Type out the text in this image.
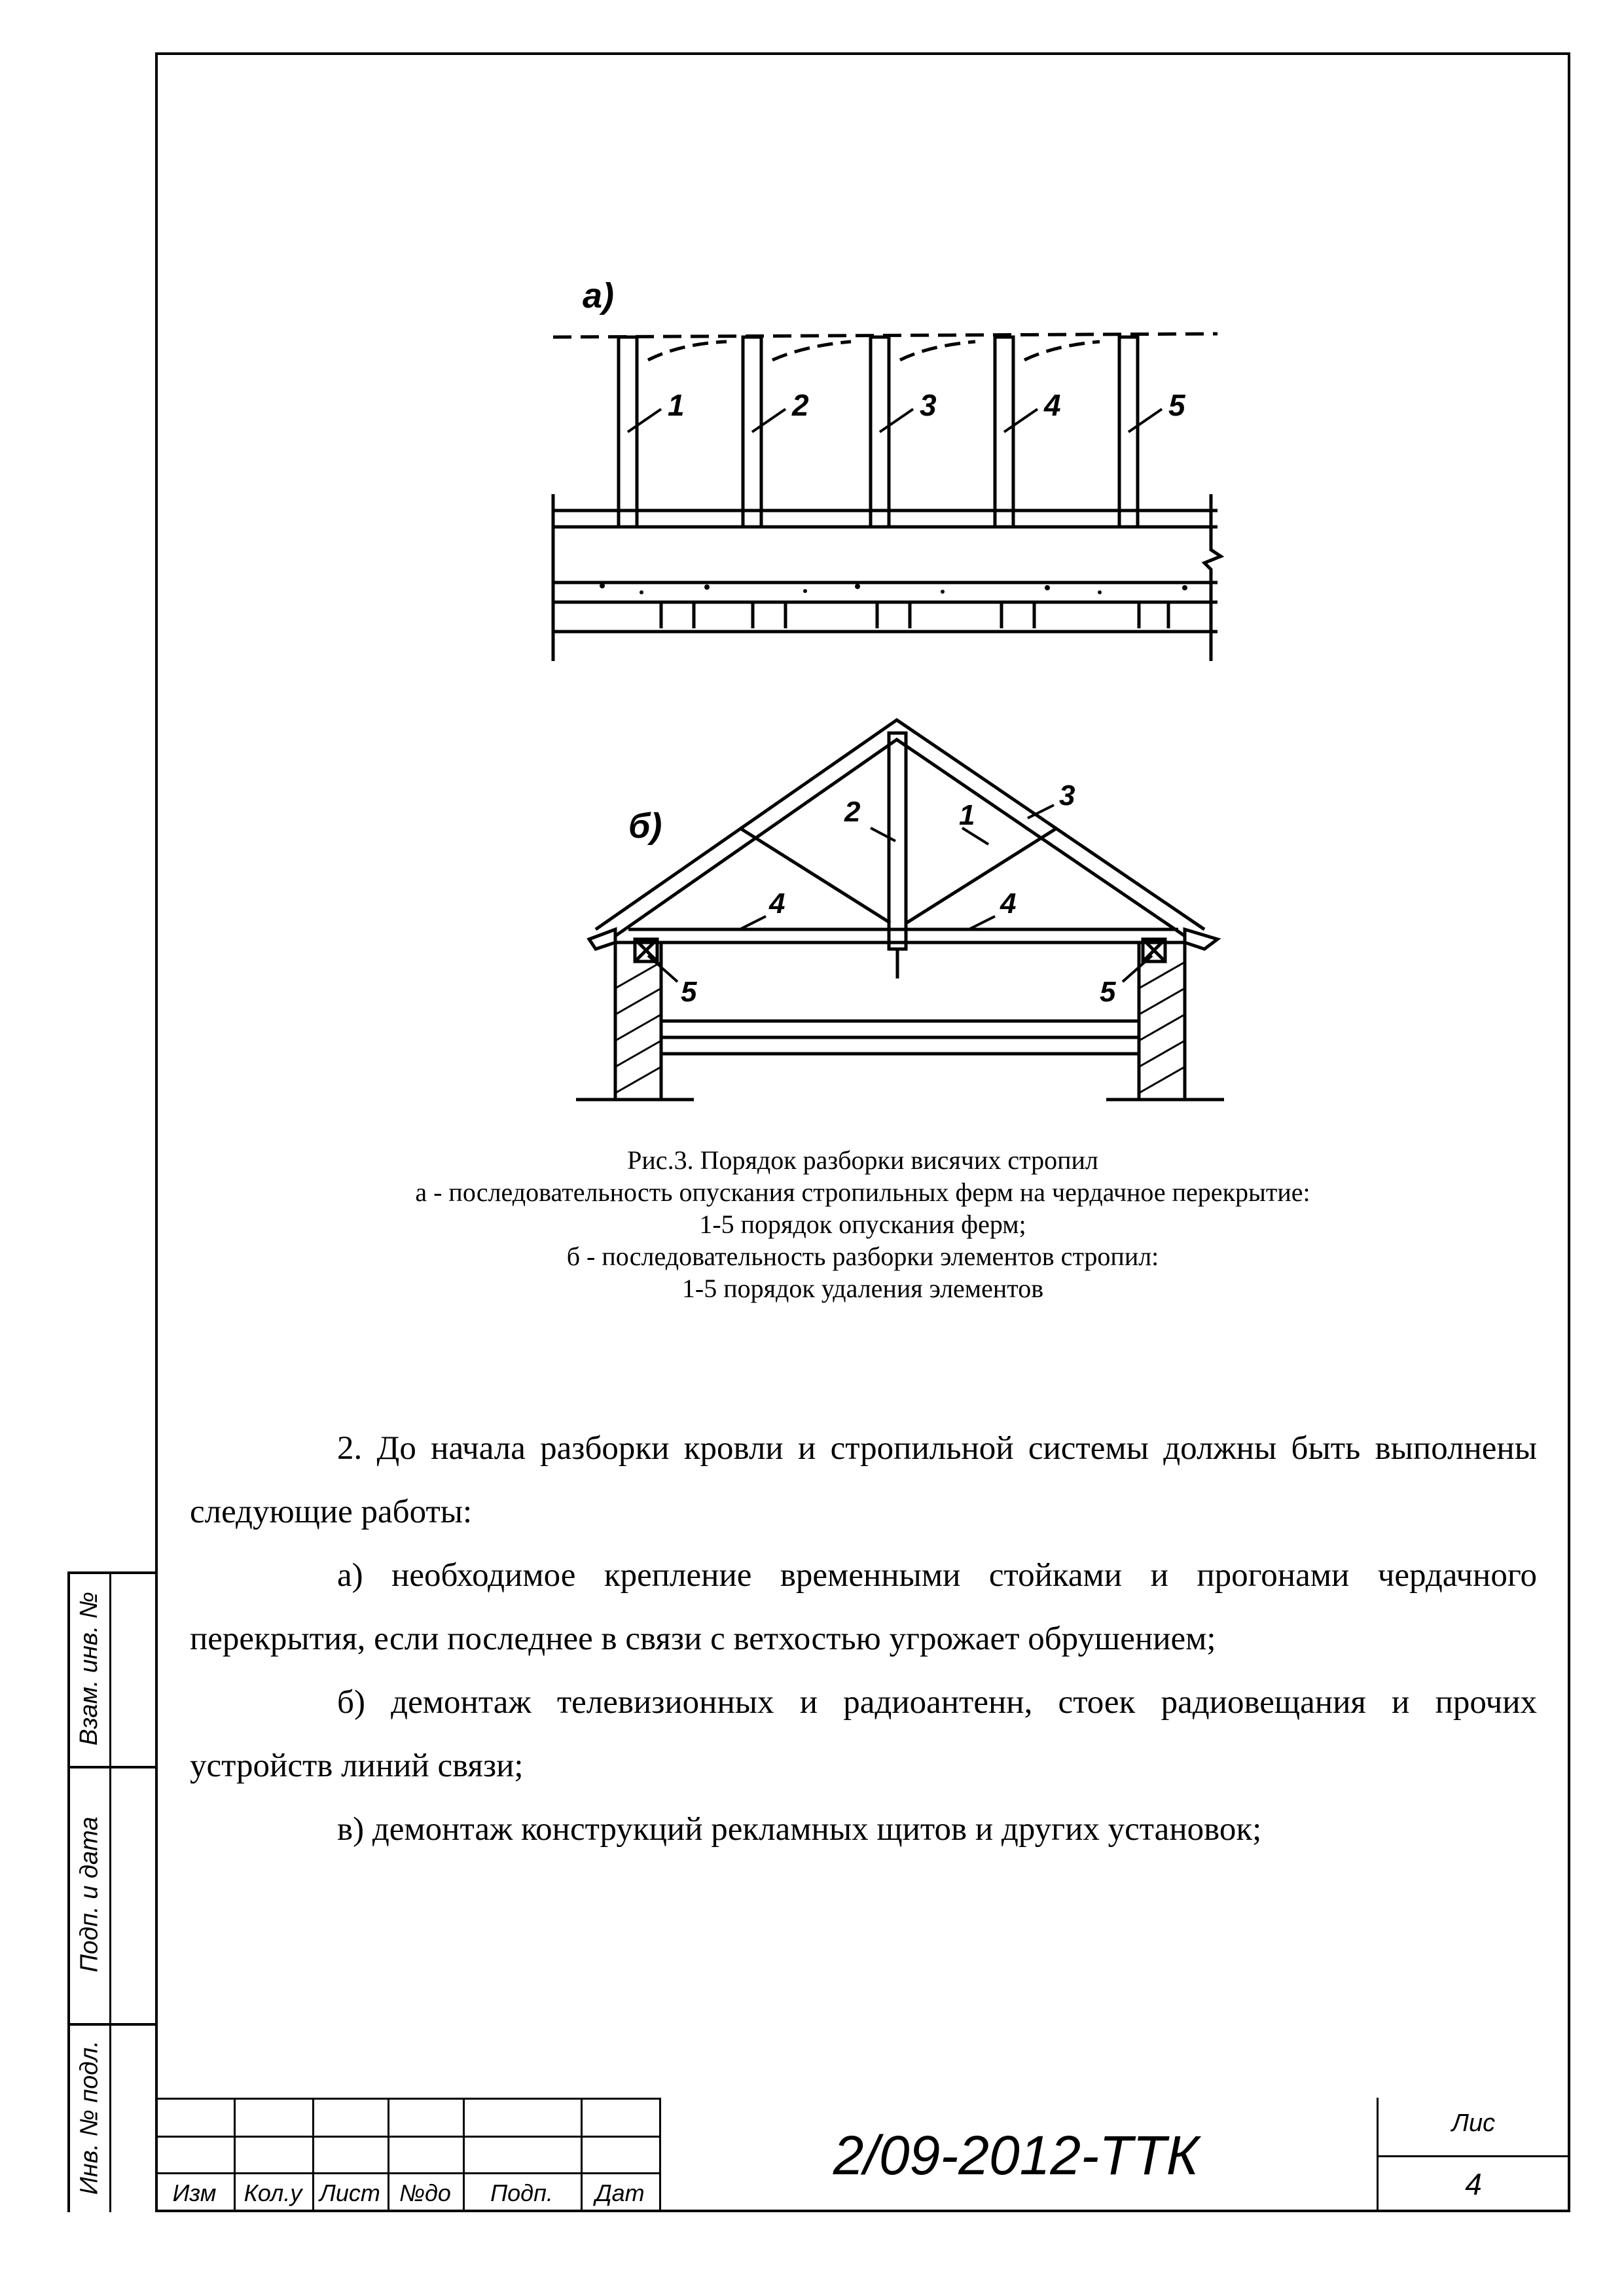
Взам. инв. №
Подп. и дата
Инв. № подл.
а)
1	2	3	4	5
б)	1
2
3
4	4
5	5
Рис.3. Порядок разборки висячих стропил
а - последовательность опускания стропильных ферм на чердачное перекрытие:
1-5 порядок опускания ферм;
б - последовательность разборки элементов стропил:
1-5 порядок удаления элементов

2. До начала разборки кровли и стропильной системы должны быть выполнены следующие работы:

а) необходимое крепление временными стойками и прогонами чердачного перекрытия, если последнее в связи с ветхостью угрожает обрушением;

б) демонтаж телевизионных и радиоантенн, стоек радиовещания и прочих устройств линий связи;

в) демонтаж конструкций рекламных щитов и других установок;

Изм	Кол.у Лист №до	Подп.	Дат
2/09-2012-ТТК
Лис
4
